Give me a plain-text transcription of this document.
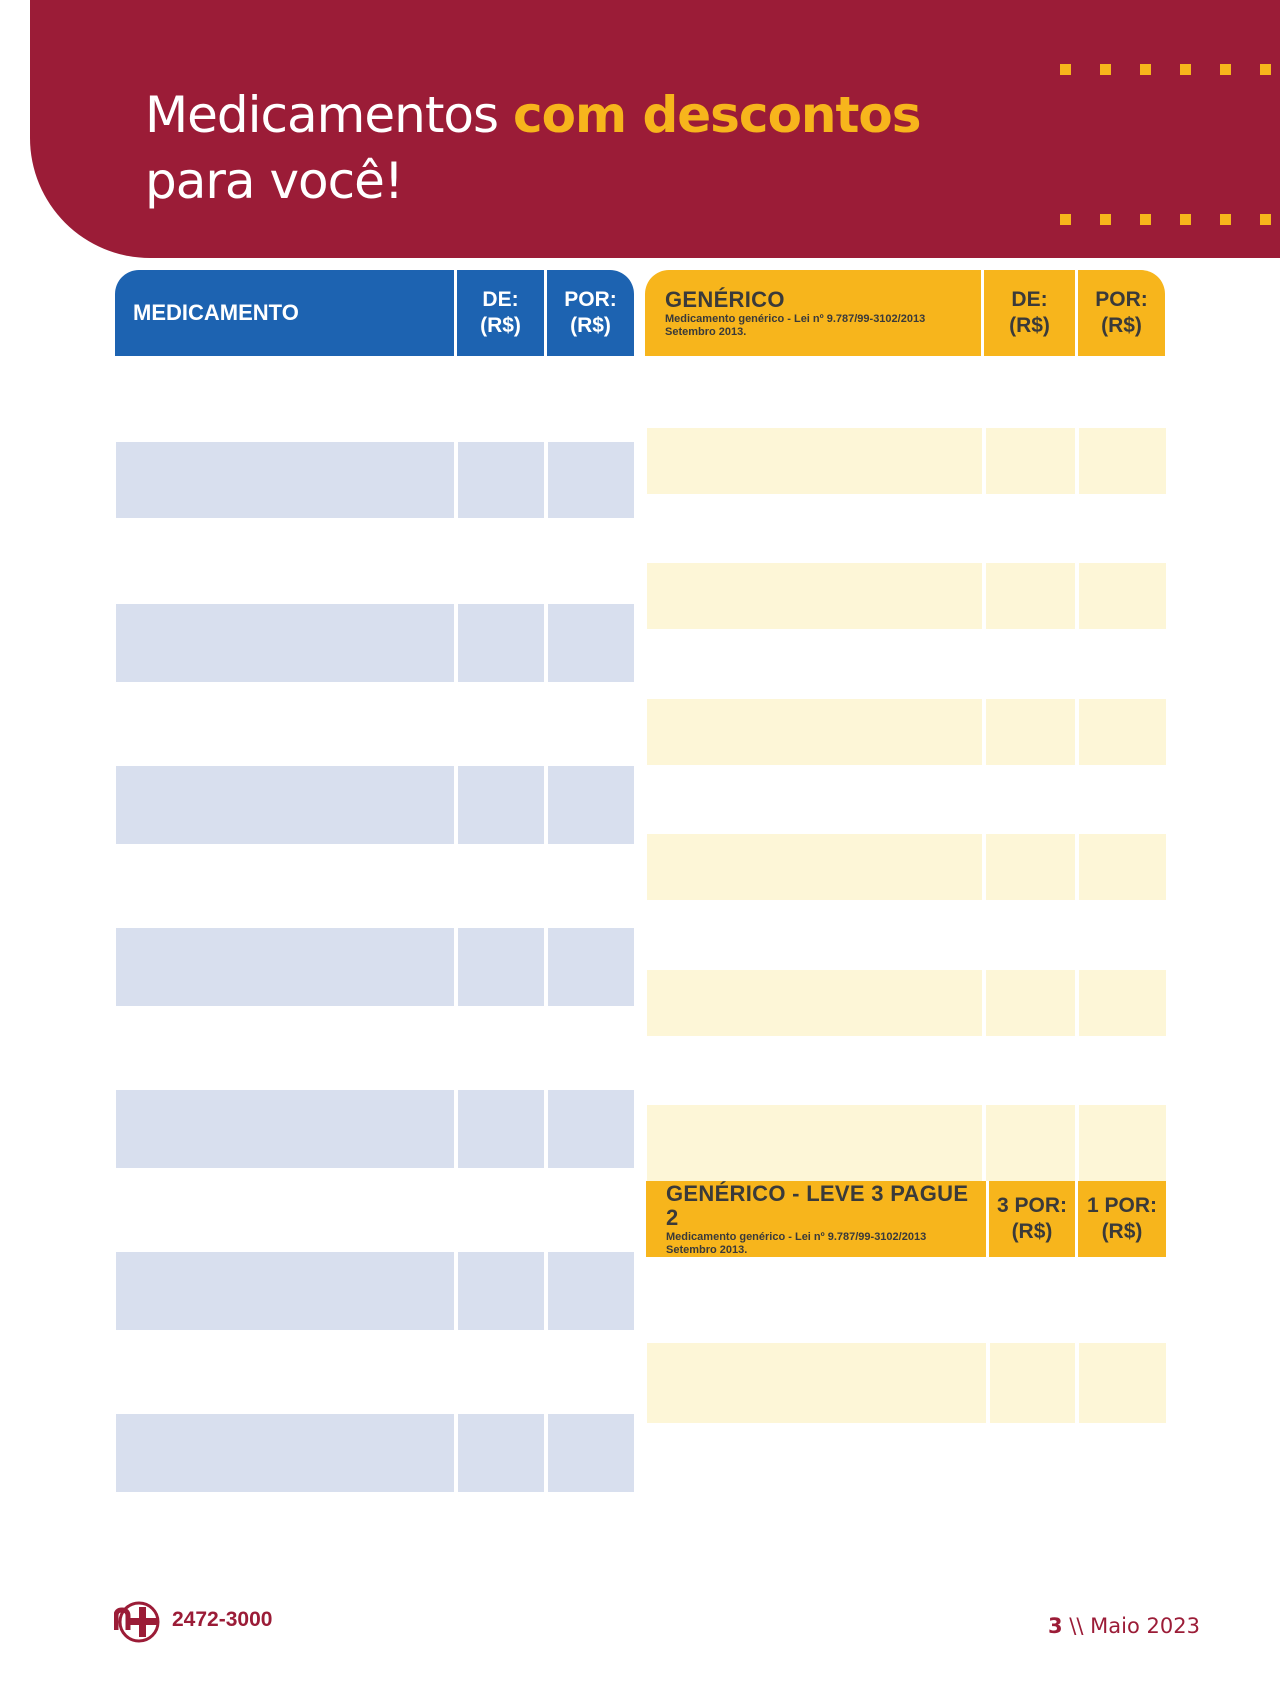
Medicamentos com descontos
para você!
MEDICAMENTO
DE:
(R$)
POR:
(R$)
GENÉRICO
Medicamento genérico - Lei nº 9.787/99-3102/2013
Setembro 2013.
DE:
(R$)
POR:
(R$)
GENÉRICO - LEVE 3 PAGUE 2
Medicamento genérico - Lei nº 9.787/99-3102/2013
Setembro 2013.
3 POR:
(R$)
1 POR:
(R$)
2472-3000	3 \\ Maio 2023
